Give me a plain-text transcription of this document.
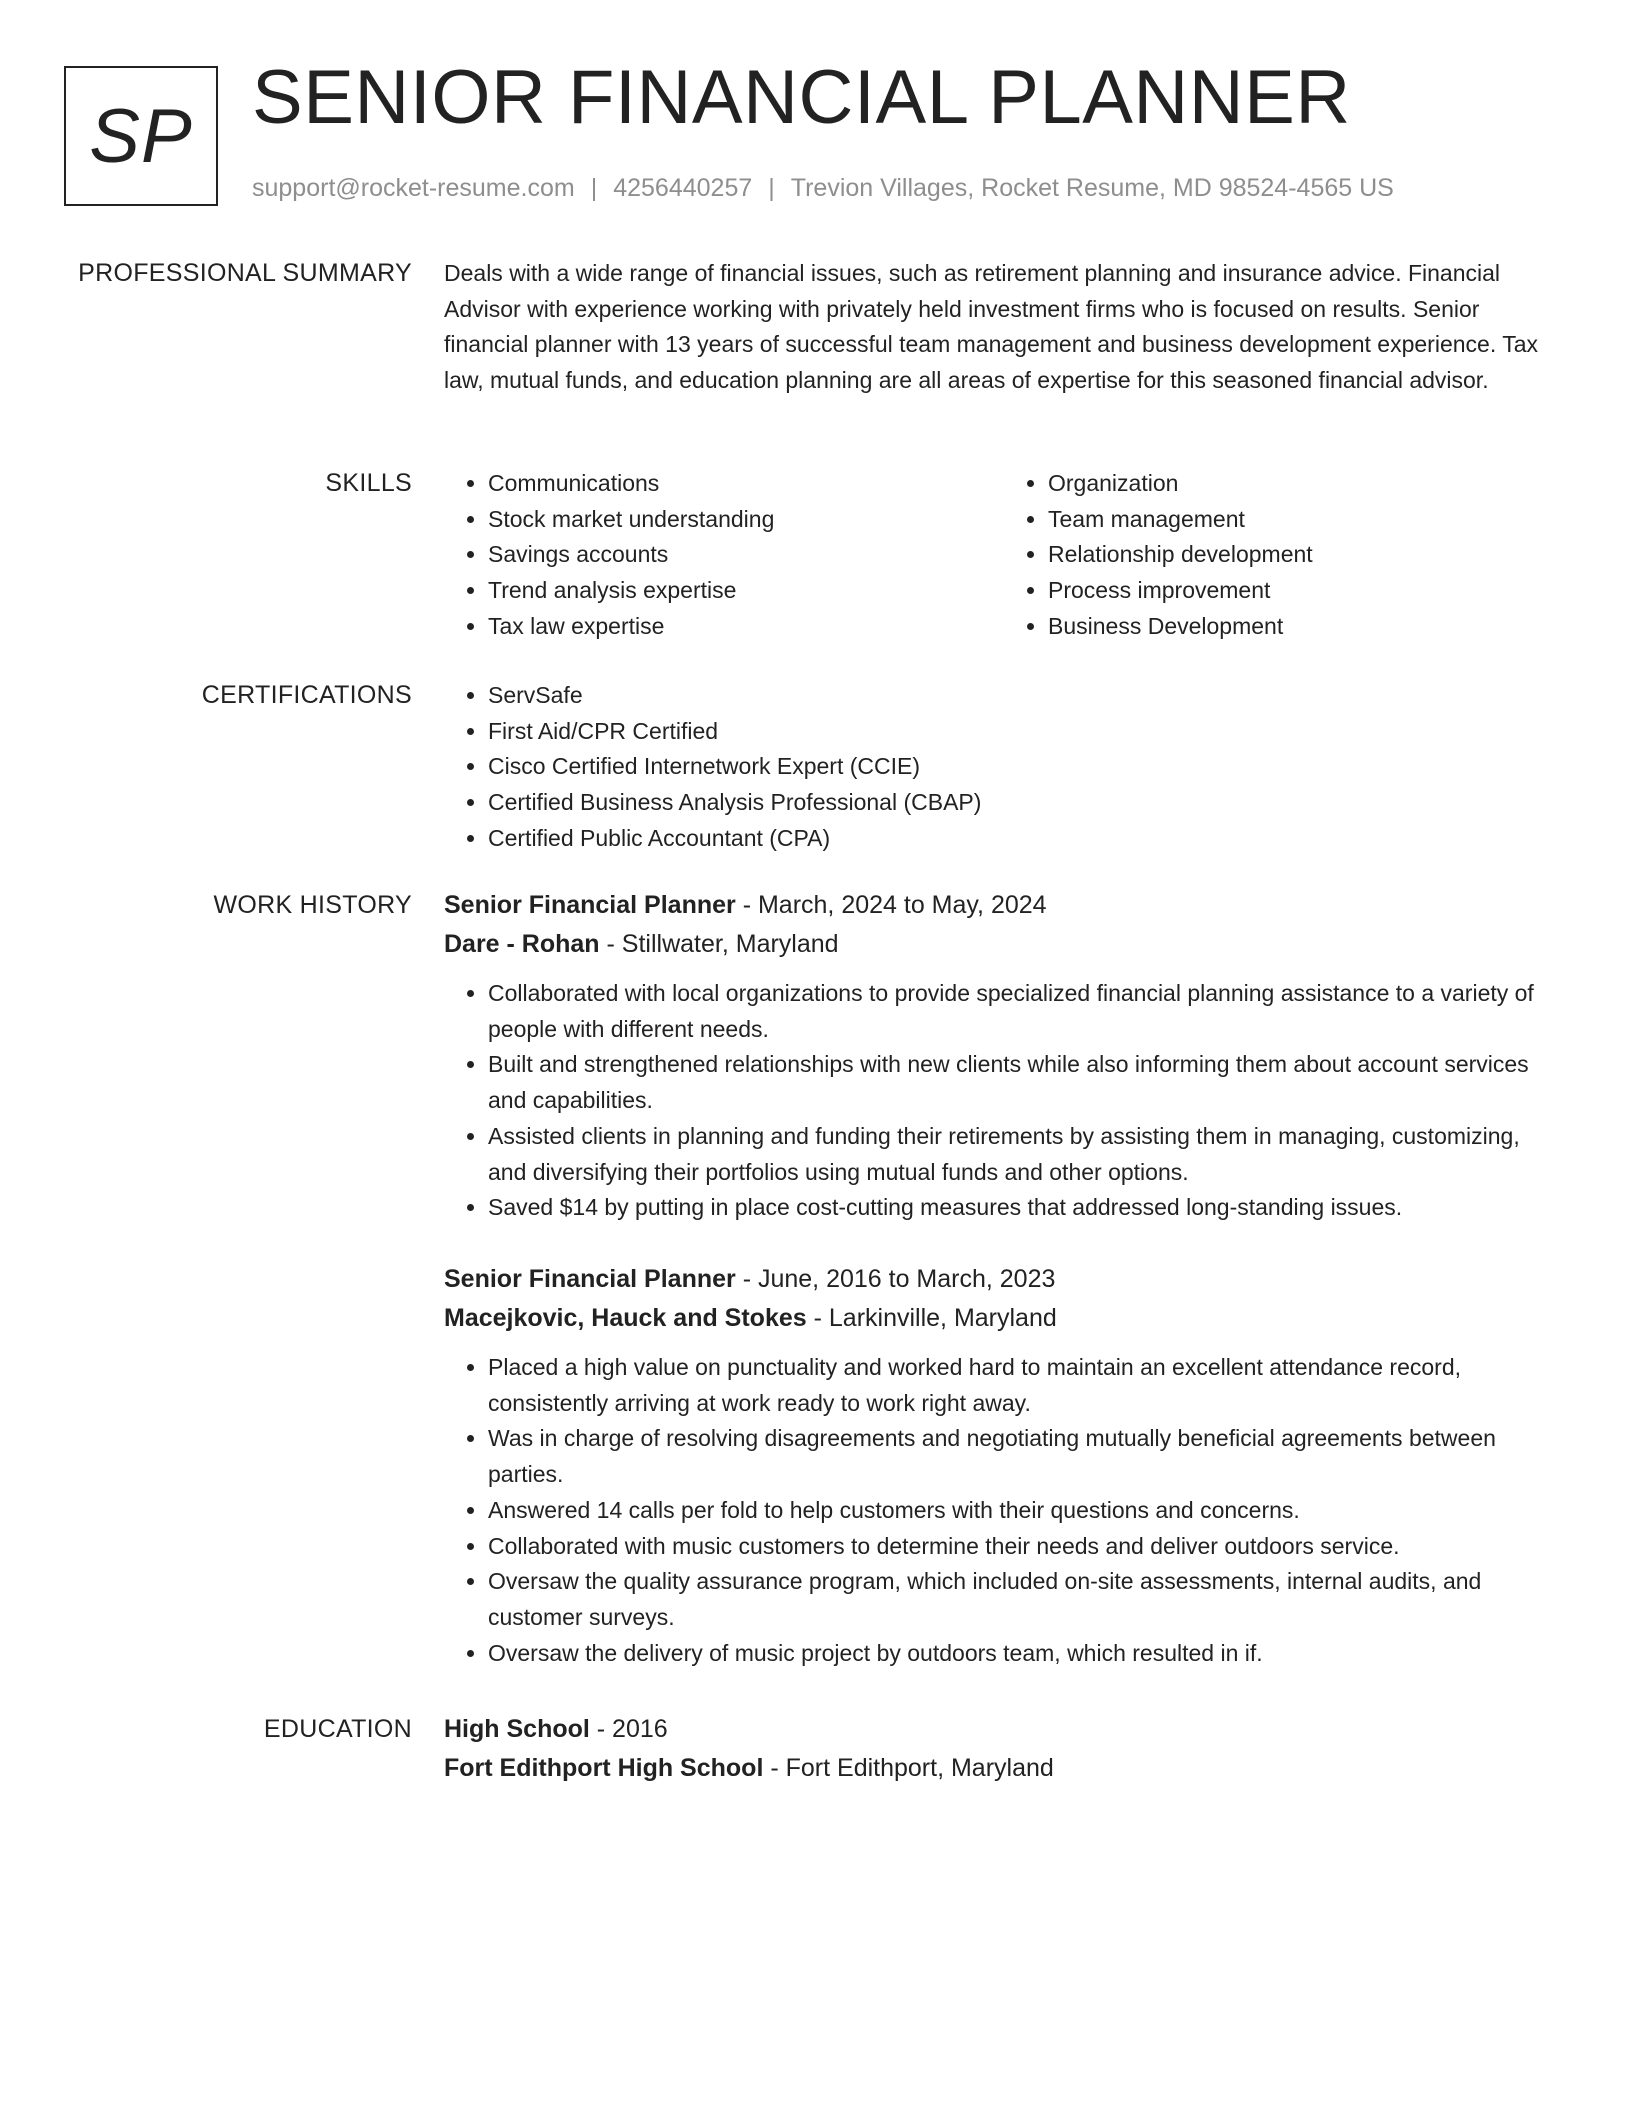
SP SENIOR FINANCIAL PLANNER
support@rocket-resume.com | 4256440257 | Trevion Villages, Rocket Resume, MD 98524-4565 US
PROFESSIONAL SUMMARY Deals with a wide range of financial issues, such as retirement planning and insurance advice. Financial Advisor with experience working with privately held investment firms who is focused on results. Senior financial planner with 13 years of successful team management and business development experience. Tax law, mutual funds, and education planning are all areas of expertise for this seasoned financial advisor.

SKILLS	• Communications
• Stock market understanding
• Savings accounts
• Trend analysis expertise
• Tax law expertise
• Organization
• Team management
• Relationship development
• Process improvement
• Business Development
CERTIFICATIONS	• ServSafe
• First Aid/CPR Certified
• Cisco Certified Internetwork Expert (CCIE)
• Certified Business Analysis Professional (CBAP)
• Certified Public Accountant (CPA)
WORK HISTORY Senior Financial Planner - March, 2024 to May, 2024
Dare - Rohan - Stillwater, Maryland
• Collaborated with local organizations to provide specialized financial planning assistance to a variety of people with different needs.
• Built and strengthened relationships with new clients while also informing them about account services and capabilities.
• Assisted clients in planning and funding their retirements by assisting them in managing, customizing, and diversifying their portfolios using mutual funds and other options.
• Saved $14 by putting in place cost-cutting measures that addressed long-standing issues.
Senior Financial Planner - June, 2016 to March, 2023
Macejkovic, Hauck and Stokes - Larkinville, Maryland
• Placed a high value on punctuality and worked hard to maintain an excellent attendance record, consistently arriving at work ready to work right away.
• Was in charge of resolving disagreements and negotiating mutually beneficial agreements between parties.
• Answered 14 calls per fold to help customers with their questions and concerns.
• Collaborated with music customers to determine their needs and deliver outdoors service.
• Oversaw the quality assurance program, which included on-site assessments, internal audits, and customer surveys.
• Oversaw the delivery of music project by outdoors team, which resulted in if.
EDUCATION High School - 2016
Fort Edithport High School - Fort Edithport, Maryland
